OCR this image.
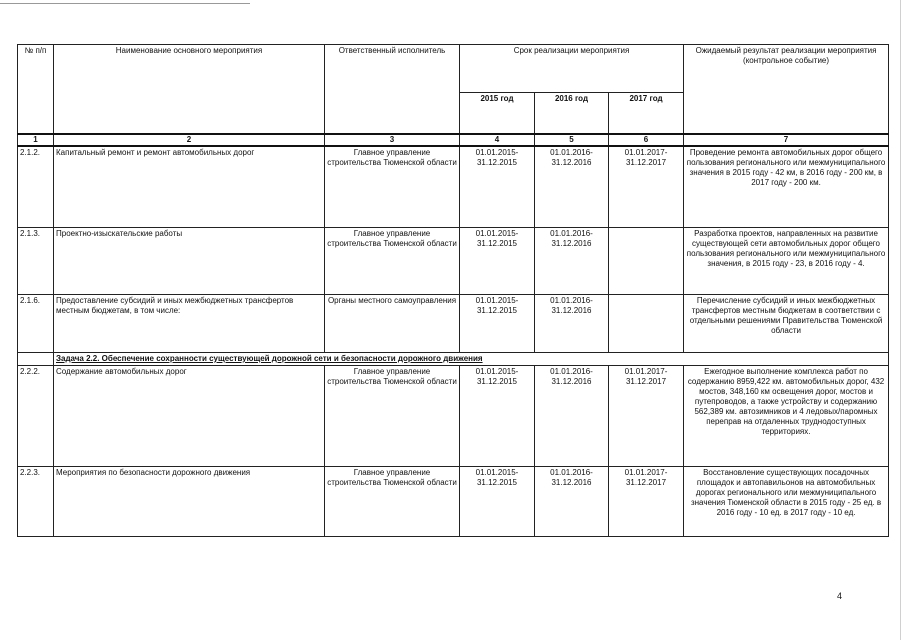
№ п/п	Наименование основного мероприятия	Ответственный исполнитель	Срок реализации мероприятия			Ожидаемый результат реализации мероприятия (контрольное событие)
			2015 год	2016 год	2017 год	
1	2	3	4	5	6	7
2.1.2.	Капитальный ремонт и ремонт автомобильных дорог	Главное управление строительства Тюменской области	01.01.2015- 31.12.2015	01.01.2016- 31.12.2016	01.01.2017- 31.12.2017	Проведение ремонта автомобильных дорог общего пользования регионального или межмуниципального значения в 2015 году - 42 км, в 2016 году - 200 км, в 2017 году - 200 км.
2.1.3.	Проектно-изыскательские работы	Главное управление строительства Тюменской области	01.01.2015- 31.12.2015	01.01.2016- 31.12.2016		Разработка проектов, направленных на развитие существующей сети автомобильных дорог общего пользования регионального или межмуниципального значения, в 2015 году - 23, в 2016 году - 4.
2.1.6.	Предоставление субсидий и иных межбюджетных трансфертов местным бюджетам, в том числе:	Органы местного самоуправления	01.01.2015- 31.12.2015	01.01.2016- 31.12.2016		Перечисление субсидий и иных межбюджетных трансфертов местным бюджетам в соответствии с отдельными решениями Правительства Тюменской области
	Задача 2.2. Обеспечение сохранности существующей дорожной сети и безопасности дорожного движения					
2.2.2.	Содержание автомобильных дорог	Главное управление строительства Тюменской области	01.01.2015- 31.12.2015	01.01.2016- 31.12.2016	01.01.2017- 31.12.2017	Ежегодное выполнение комплекса работ по содержанию 8959,422 км. автомобильных дорог, 432 мостов, 348,160 км освещения дорог, мостов и путепроводов, а также устройству и содержанию 562,389 км. автозимников и 4 ледовых/паромных переправ на отдаленных труднодоступных территориях.
2.2.3.	Мероприятия по безопасности дорожного движения	Главное управление строительства Тюменской области	01.01.2015- 31.12.2015	01.01.2016- 31.12.2016	01.01.2017- 31.12.2017	Восстановление существующих посадочных площадок и автопавильонов на автомобильных дорогах регионального или межмуниципального значения Тюменской области в 2015 году - 25 ед. в 2016 году - 10 ед. в 2017 году - 10 ед.
4
